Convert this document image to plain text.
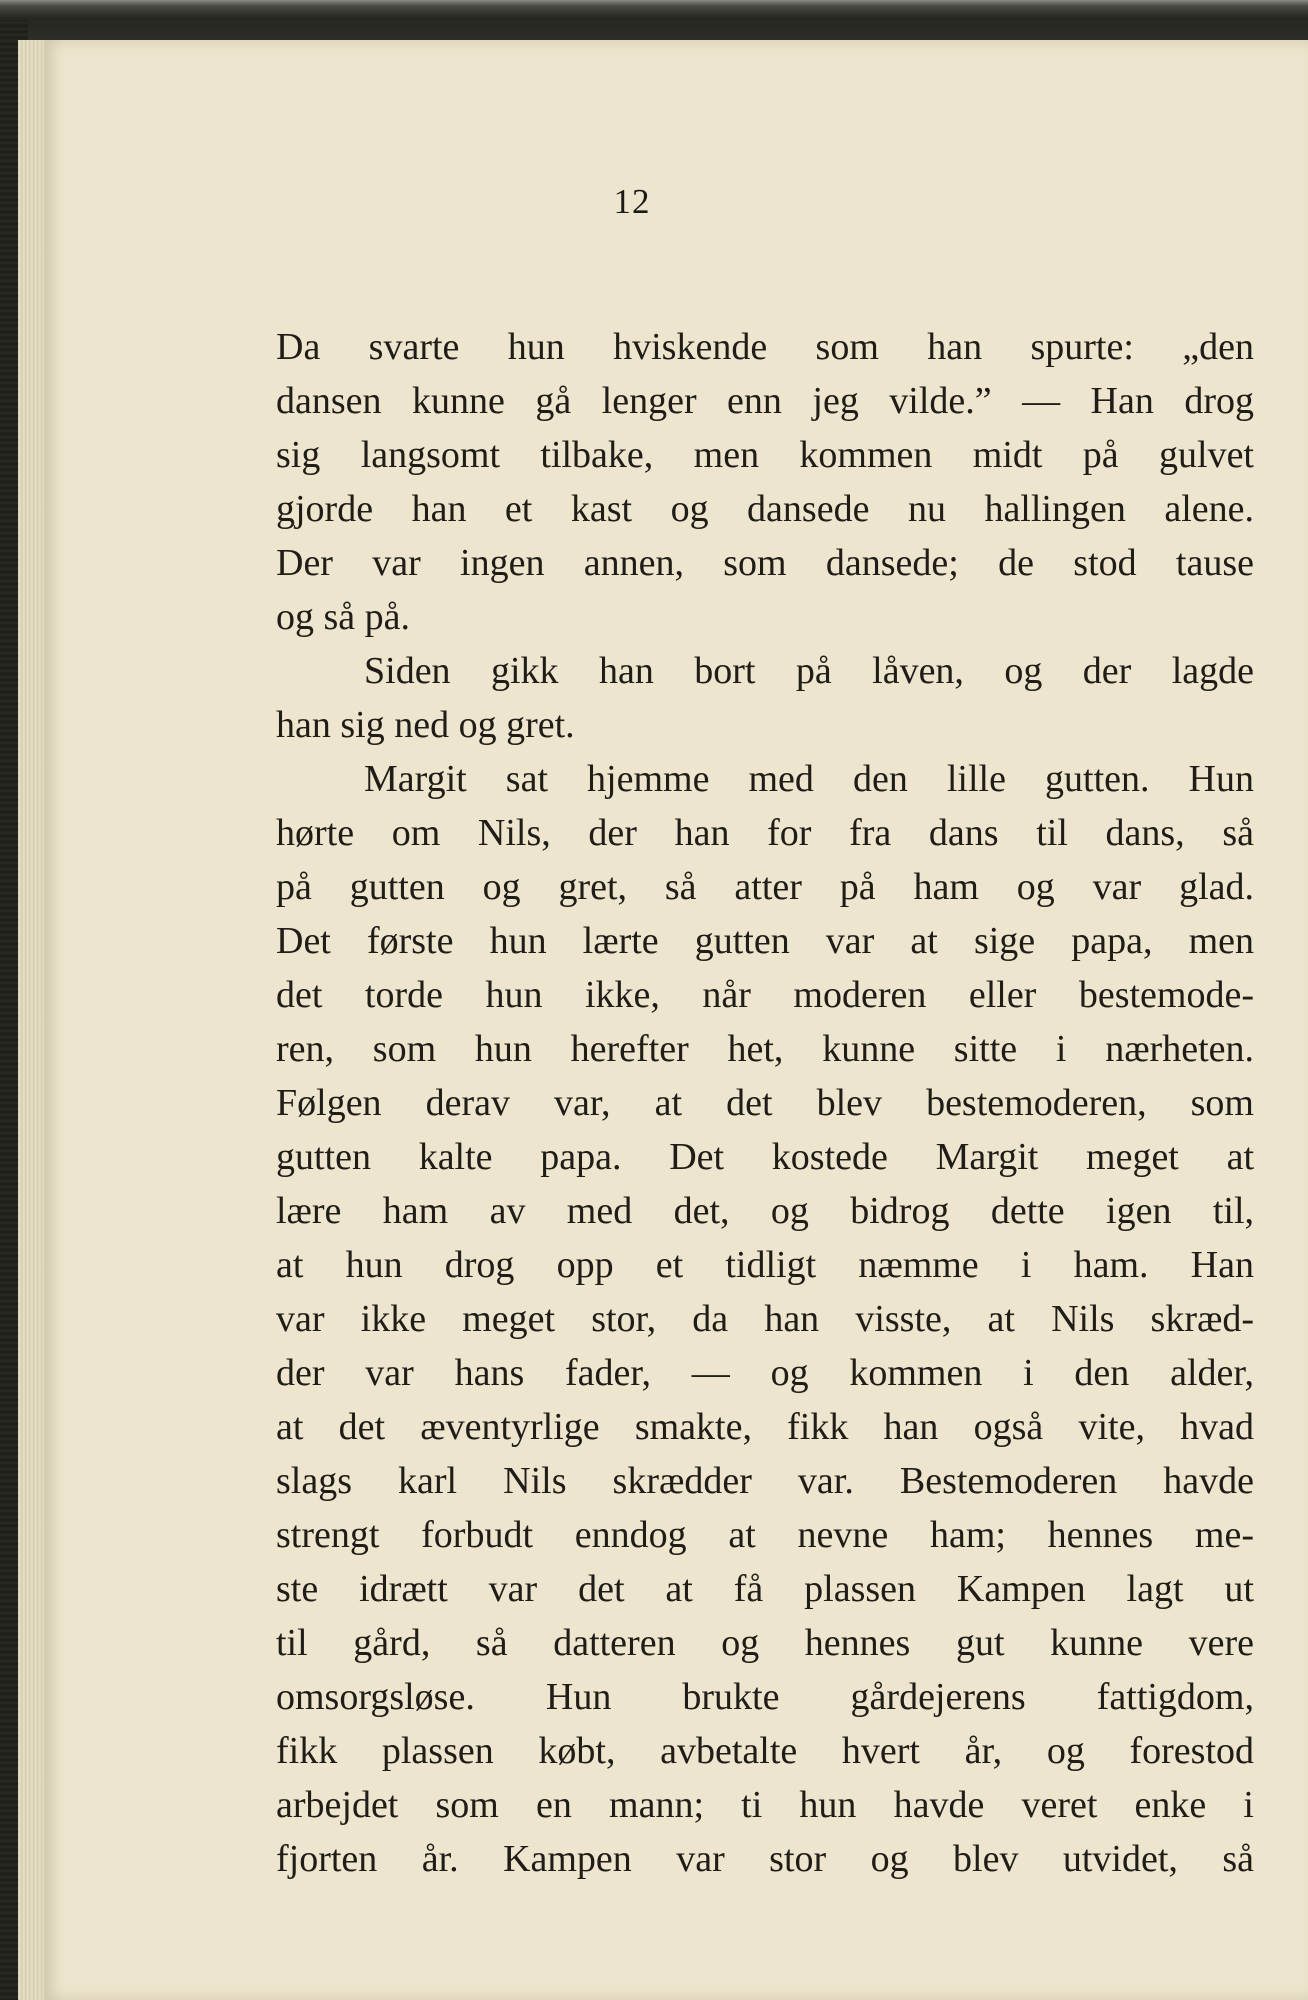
12
Da svarte hun hviskende som han spurte: „den
dansen kunne gå lenger enn jeg vilde.” — Han drog
sig langsomt tilbake, men kommen midt på gulvet
gjorde han et kast og dansede nu hallingen alene.
Der var ingen annen, som dansede; de stod tause
og så på.
Siden gikk han bort på låven, og der lagde
han sig ned og gret.
Margit sat hjemme med den lille gutten. Hun
hørte om Nils, der han for fra dans til dans, så
på gutten og gret, så atter på ham og var glad.
Det første hun lærte gutten var at sige papa, men
det torde hun ikke, når moderen eller bestemode-
ren, som hun herefter het, kunne sitte i nærheten.
Følgen derav var, at det blev bestemoderen, som
gutten kalte papa. Det kostede Margit meget at
lære ham av med det, og bidrog dette igen til,
at hun drog opp et tidligt næmme i ham. Han
var ikke meget stor, da han visste, at Nils skræd-
der var hans fader, — og kommen i den alder,
at det æventyrlige smakte, fikk han også vite, hvad
slags karl Nils skrædder var. Bestemoderen havde
strengt forbudt enndog at nevne ham; hennes me-
ste idrætt var det at få plassen Kampen lagt ut
til gård, så datteren og hennes gut kunne vere
omsorgsløse. Hun brukte gårdejerens fattigdom,
fikk plassen købt, avbetalte hvert år, og forestod
arbejdet som en mann; ti hun havde veret enke i
fjorten år. Kampen var stor og blev utvidet, så
